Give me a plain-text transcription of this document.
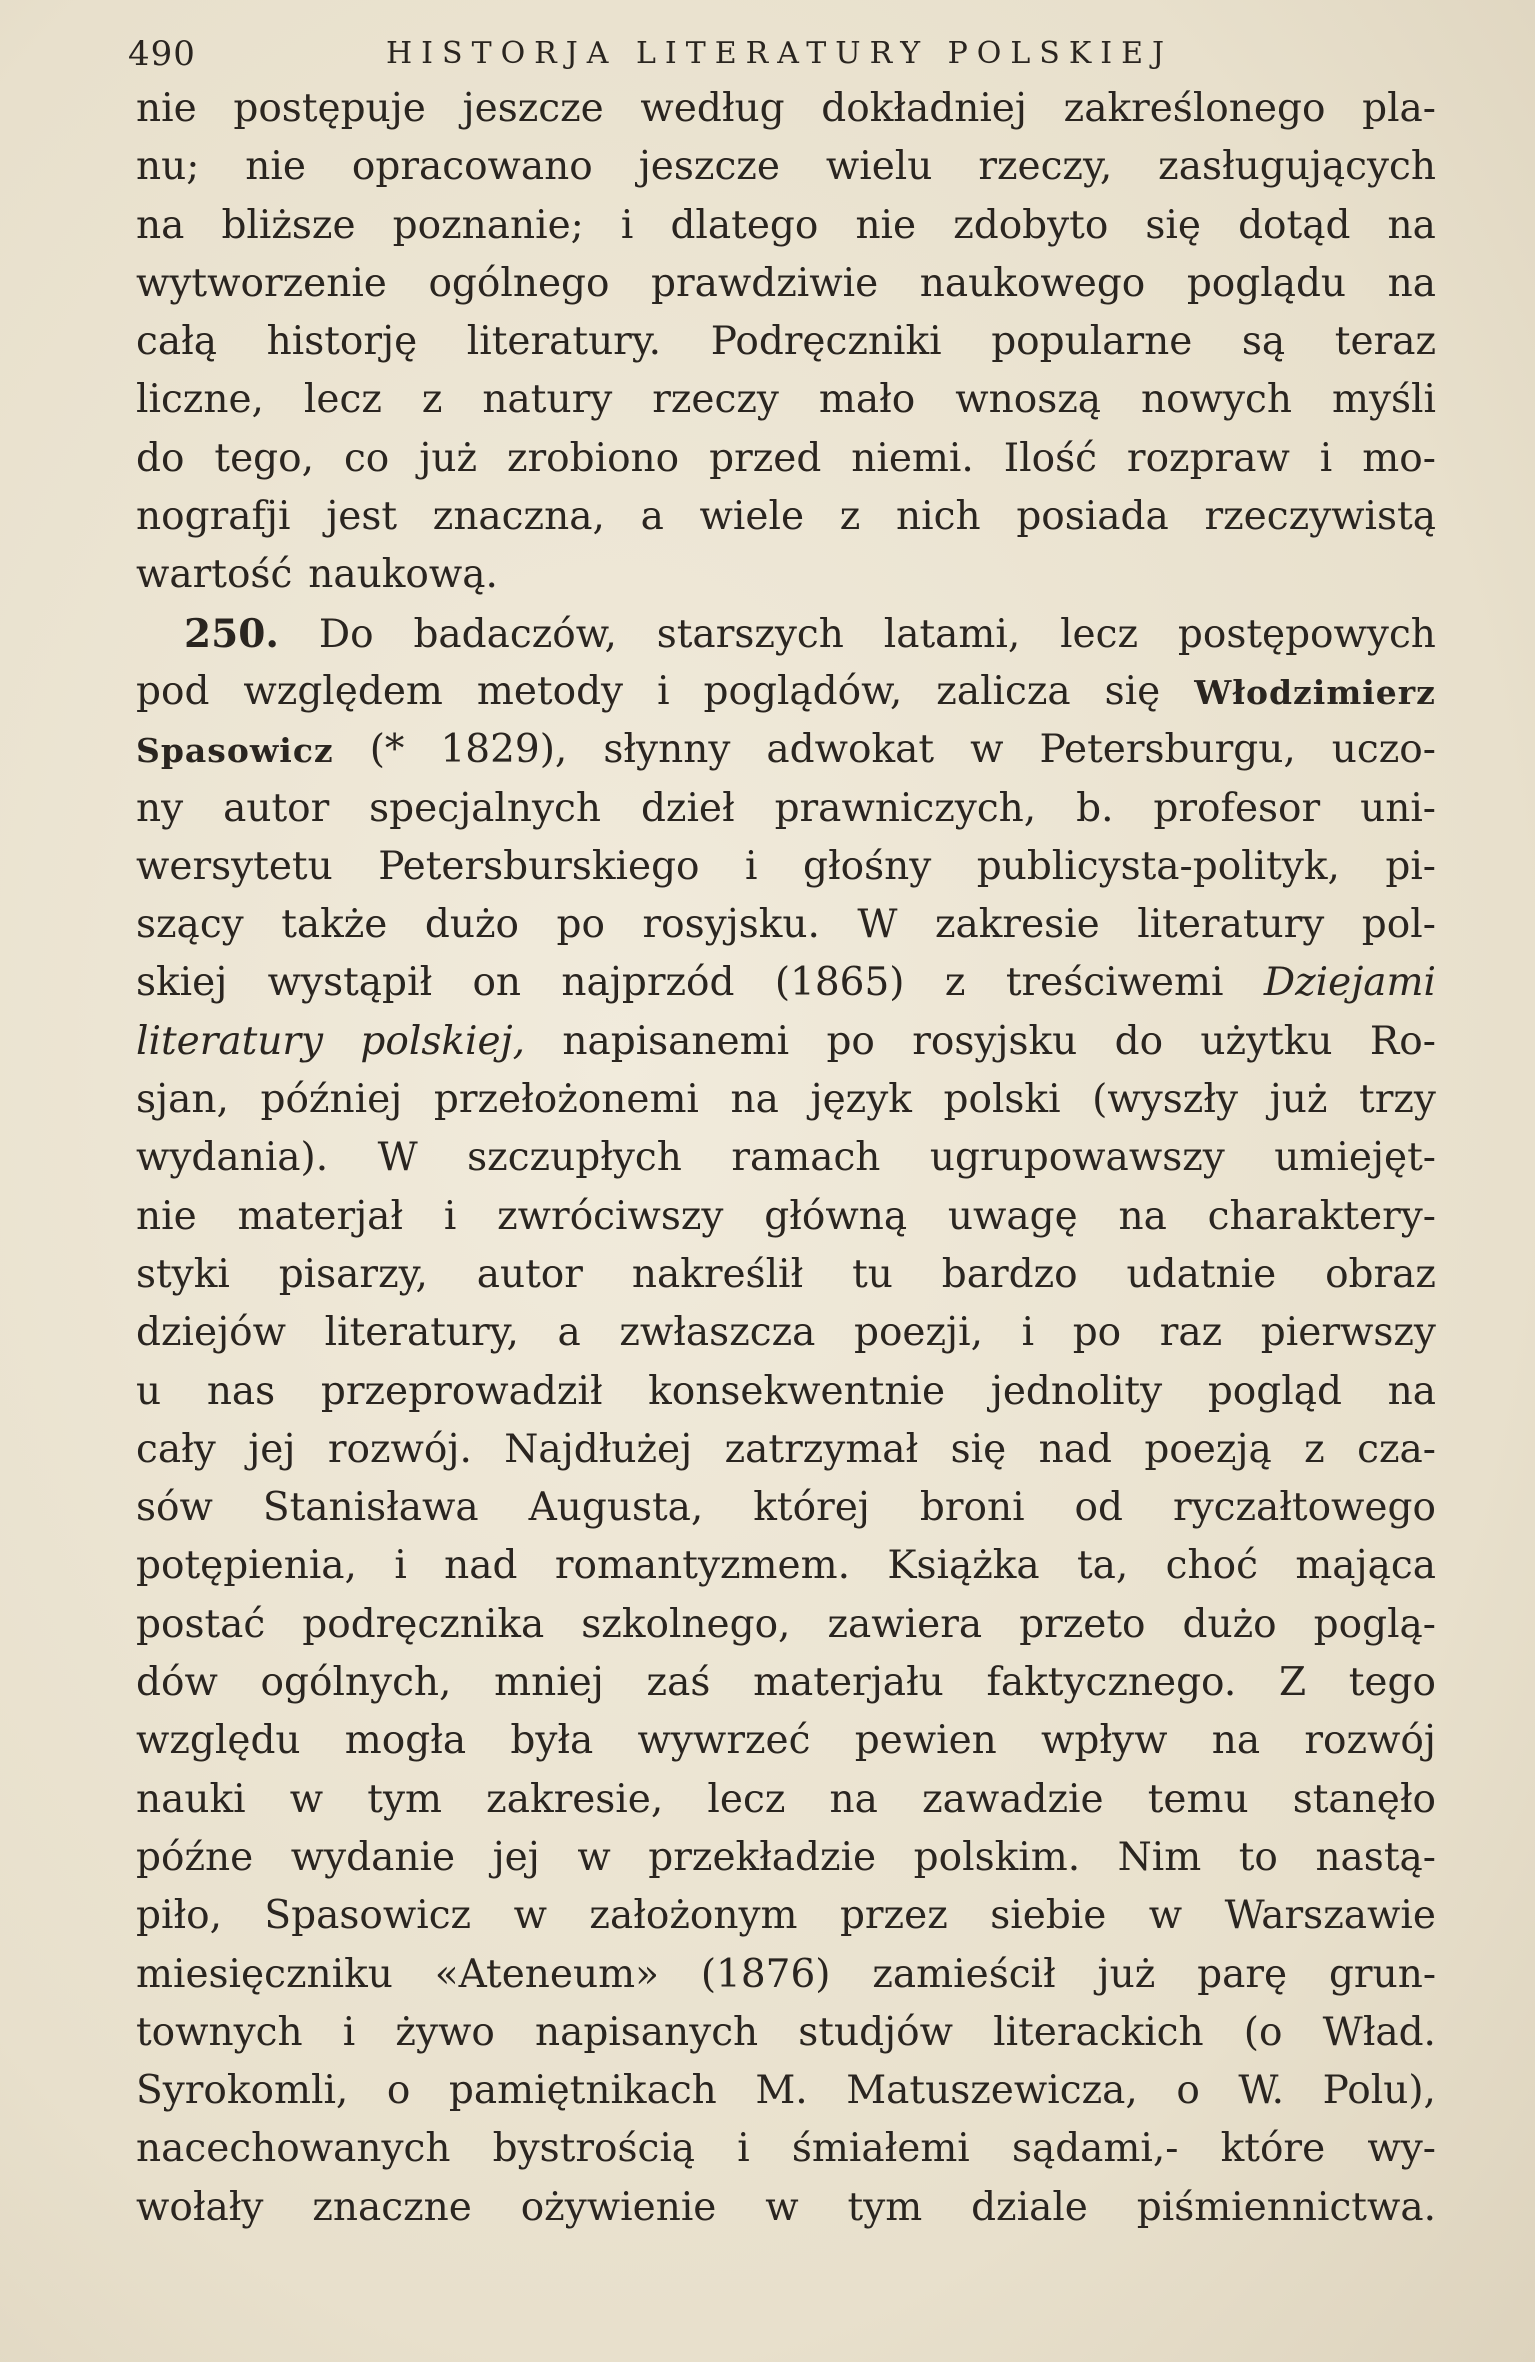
490	HISTORJA LITERATURY POLSKIEJ
nie postępuje jeszcze według dokładniej zakreślonego pla-
nu; nie opracowano jeszcze wielu rzeczy, zasługujących
na bliższe poznanie; i dlatego nie zdobyto się dotąd na
wytworzenie ogólnego prawdziwie naukowego poglądu na
całą historję literatury. Podręczniki popularne są teraz
liczne, lecz z natury rzeczy mało wnoszą nowych myśli
do tego, co już zrobiono przed niemi. Ilość rozpraw i mo-
nografji jest znaczna, a wiele z nich posiada rzeczywistą
wartość naukową.
250. Do badaczów, starszych latami, lecz postępowych
pod względem metody i poglądów, zalicza się Włodzimierz
Spasowicz (* 1829), słynny adwokat w Petersburgu, uczo-
ny autor specjalnych dzieł prawniczych, b. profesor uni-
wersytetu Petersburskiego i głośny publicysta-polityk, pi-
szący także dużo po rosyjsku. W zakresie literatury pol-
skiej wystąpił on najprzód (1865) z treściwemi Dziejami
literatury polskiej, napisanemi po rosyjsku do użytku Ro-
sjan, później przełożonemi na język polski (wyszły już trzy
wydania). W szczupłych ramach ugrupowawszy umiejęt-
nie materjał i zwróciwszy główną uwagę na charaktery-
styki pisarzy, autor nakreślił tu bardzo udatnie obraz
dziejów literatury, a zwłaszcza poezji, i po raz pierwszy
u nas przeprowadził konsekwentnie jednolity pogląd na
cały jej rozwój. Najdłużej zatrzymał się nad poezją z cza-
sów Stanisława Augusta, której broni od ryczałtowego
potępienia, i nad romantyzmem. Książka ta, choć mająca
postać podręcznika szkolnego, zawiera przeto dużo poglą-
dów ogólnych, mniej zaś materjału faktycznego. Z tego
względu mogła była wywrzeć pewien wpływ na rozwój
nauki w tym zakresie, lecz na zawadzie temu stanęło
późne wydanie jej w przekładzie polskim. Nim to nastą-
piło, Spasowicz w założonym przez siebie w Warszawie
miesięczniku «Ateneum» (1876) zamieścił już parę grun-
townych i żywo napisanych studjów literackich (o Wład.
Syrokomli, o pamiętnikach M. Matuszewicza, o W. Polu),
nacechowanych bystrością i śmiałemi sądami,- które wy-
wołały znaczne ożywienie w tym dziale piśmiennictwa.
